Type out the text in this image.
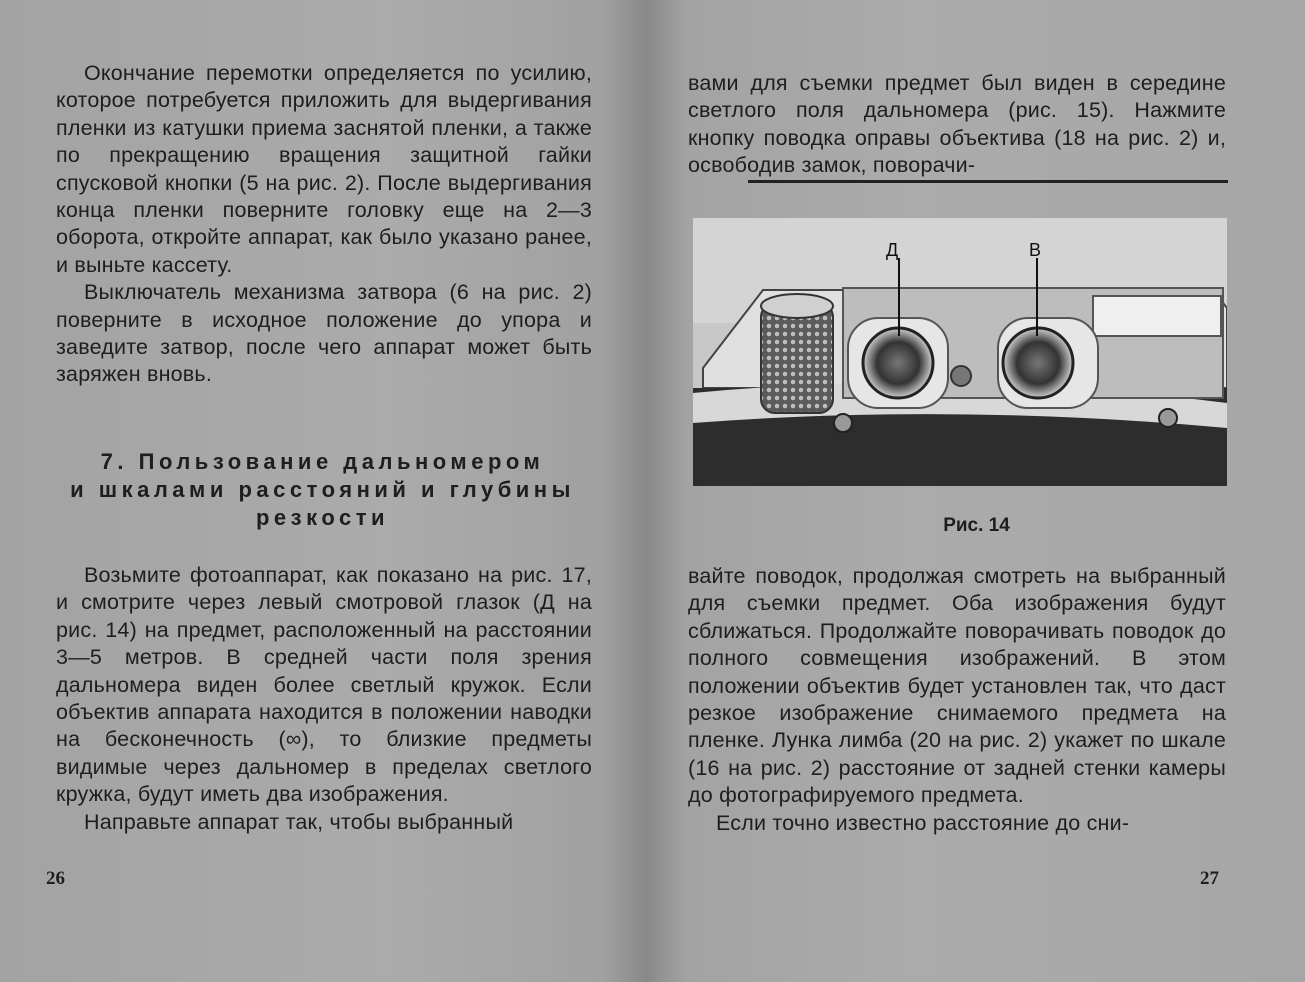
Окончание перемотки определяется по усилию, которое потребуется приложить для выдергивания пленки из катушки приема заснятой пленки, а также по прекращению вращения защитной гайки спусковой кнопки (5 на рис. 2). После выдергивания конца пленки поверните головку еще на 2—3 оборота, откройте аппарат, как было указано ранее, и выньте кассету.

Выключатель механизма затвора (6 на рис. 2) поверните в исходное положение до упора и заведите затвор, после чего аппарат может быть заряжен вновь.

7. Пользование дальномером
и шкалами расстояний и глубины
резкости

Возьмите фотоаппарат, как показано на рис. 17, и смотрите через левый смотровой глазок (Д на рис. 14) на предмет, расположенный на расстоянии 3—5 метров. В средней части поля зрения дальномера виден более светлый кружок. Если объектив аппарата находится в положении наводки на бесконечность (∞), то близкие предметы видимые через дальномер в пределах светлого кружка, будут иметь два изображения.

Направьте аппарат так, чтобы выбранный

26

вами для съемки предмет был виден в середине светлого поля дальномера (рис. 15). Нажмите кнопку поводка оправы объектива (18 на рис. 2) и, освободив замок, поворачи-

Д	В
Рис. 14

вайте поводок, продолжая смотреть на выбранный для съемки предмет. Оба изображения будут сближаться. Продолжайте поворачивать поводок до полного совмещения изображений. В этом положении объектив будет установлен так, что даст резкое изображение снимаемого предмета на пленке. Лунка лимба (20 на рис. 2) укажет по шкале (16 на рис. 2) расстояние от задней стенки камеры до фотографируемого предмета.

Если точно известно расстояние до сни-

27
